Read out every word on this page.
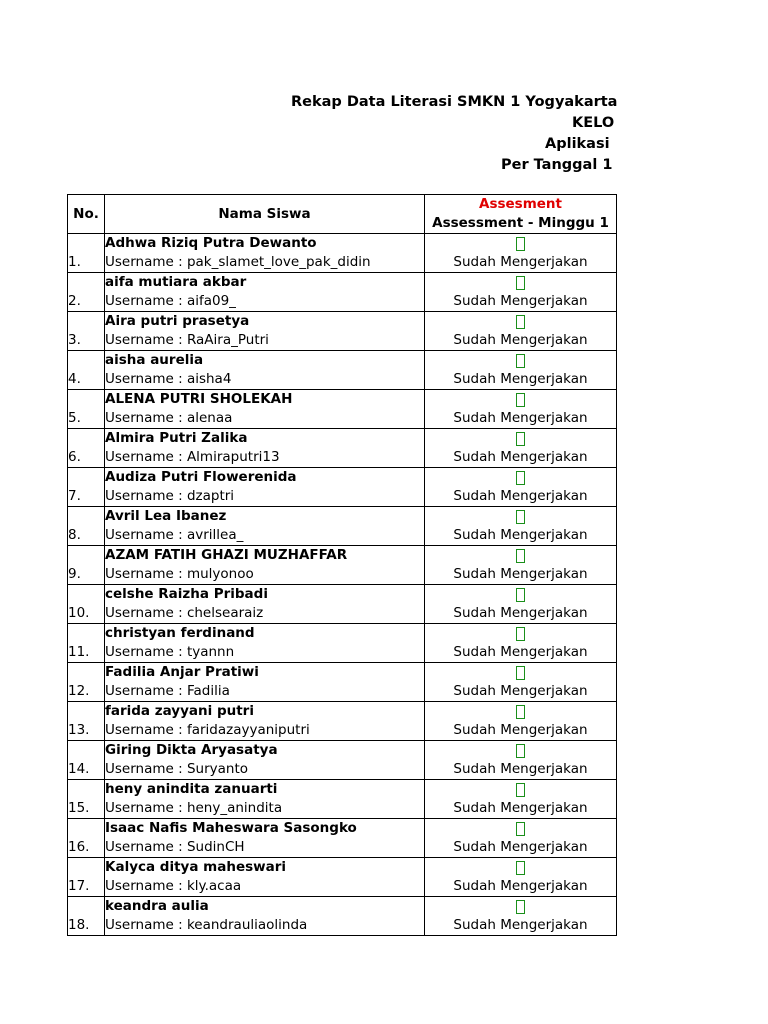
Rekap Data Literasi SMKN 1 Yogyakarta
KELO
Aplikasi
Per Tanggal 1
No.	Nama Siswa	Assesment
Assessment - Minggu 1

1.	Adhwa Riziq Putra Dewanto
Username : pak_slamet_love_pak_didin	Sudah Mengerjakan

2.	aifa mutiara akbar
Username : aifa09_	Sudah Mengerjakan

3.	Aira putri prasetya
Username : RaAira_Putri	Sudah Mengerjakan

4.	aisha aurelia
Username : aisha4	Sudah Mengerjakan

5.	ALENA PUTRI SHOLEKAH
Username : alenaa	Sudah Mengerjakan

6.	Almira Putri Zalika
Username : Almiraputri13	Sudah Mengerjakan

7.	Audiza Putri Flowerenida
Username : dzaptri	Sudah Mengerjakan

8.	Avril Lea Ibanez
Username : avrillea_	Sudah Mengerjakan

9.	AZAM FATIH GHAZI MUZHAFFAR
Username : mulyonoo	Sudah Mengerjakan

10.	celshe Raizha Pribadi
Username : chelsearaiz	Sudah Mengerjakan

11.	christyan ferdinand
Username : tyannn	Sudah Mengerjakan

12.	Fadilia Anjar Pratiwi
Username : Fadilia	Sudah Mengerjakan

13.	farida zayyani putri
Username : faridazayyaniputri	Sudah Mengerjakan

14.	Giring Dikta Aryasatya
Username : Suryanto	Sudah Mengerjakan

15.	heny anindita zanuarti
Username : heny_anindita	Sudah Mengerjakan

16.	Isaac Nafis Maheswara Sasongko
Username : SudinCH	Sudah Mengerjakan

17.	Kalyca ditya maheswari
Username : kly.acaa	Sudah Mengerjakan

18.	keandra aulia
Username : keandrauliaolinda	Sudah Mengerjakan
